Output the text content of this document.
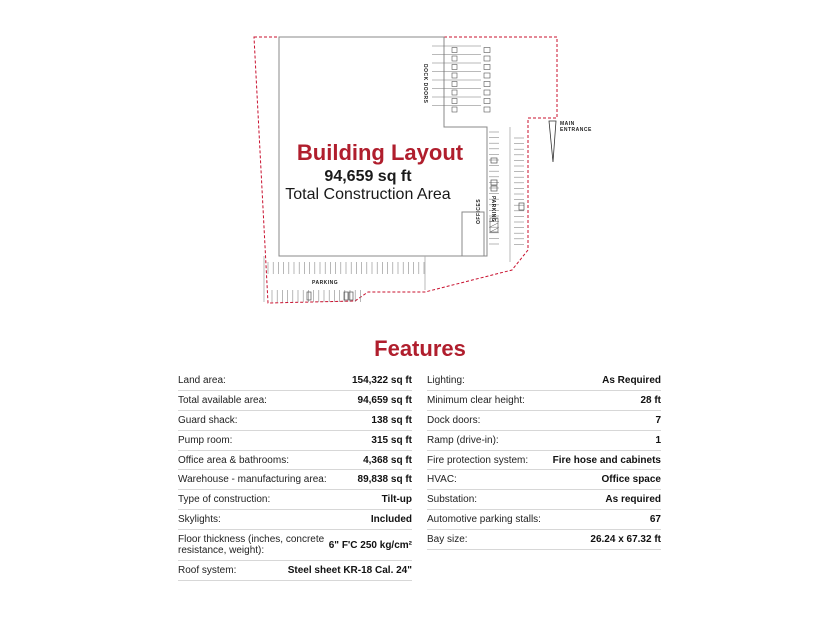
MAIN
ENTRANCE
PARKING
PARKING
OFFICES
DOCK DOORS
Building Layout
94,659 sq ft
Total Construction Area
Features
Land area:	154,322 sq ft
Total available area:	94,659 sq ft
Guard shack:	138 sq ft
Pump room:	315 sq ft
Office area & bathrooms:	4,368 sq ft
Warehouse - manufacturing area:	89,838 sq ft
Type of construction:	Tilt-up
Skylights:	Included
Floor thickness (inches, concrete resistance, weight):	6" F'C 250 kg/cm²
Roof system:	Steel sheet KR-18 Cal. 24"
Lighting:	As Required
Minimum clear height:	28 ft
Dock doors:	7
Ramp (drive-in):	1
Fire protection system: Fire hose and cabinets
HVAC:	Office space
Substation:	As required
Automotive parking stalls:	67
Bay size:	26.24 x 67.32 ft
